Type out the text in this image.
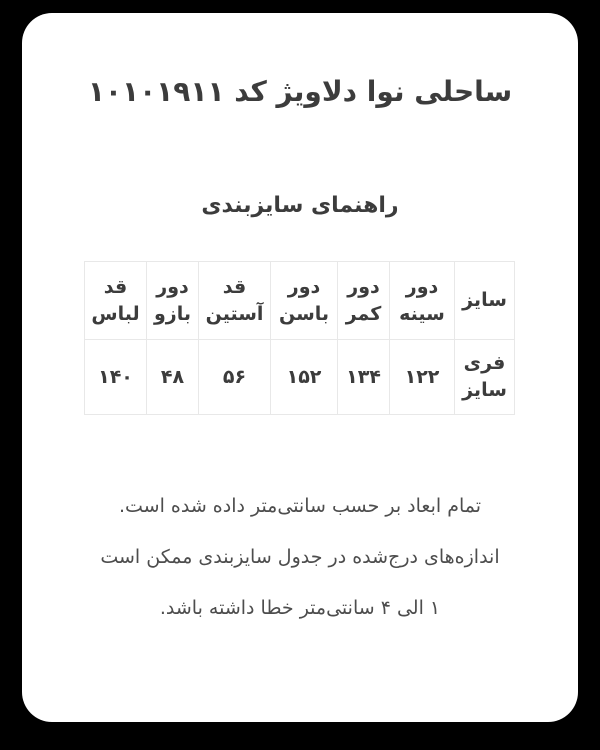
ساحلی نوا دلاویژ کد ۱۰۱۰۱۹۱۱
راهنمای سایزبندی
سایز	دور سینه	دور کمر	دور باسن	قد آستین	دور بازو	قد لباس
فری سایز	۱۲۲	۱۳۴	۱۵۲	۵۶	۴۸	۱۴۰

تمام ابعاد بر حسب سانتی‌متر داده شده است.

اندازه‌های درج‌شده در جدول سایزبندی ممکن است

۱ الی ۴ سانتی‌متر خطا داشته باشد.
